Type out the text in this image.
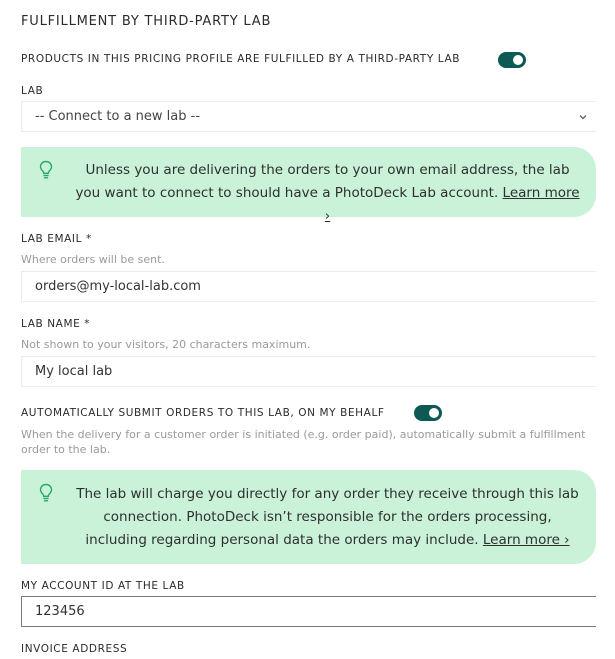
FULFILLMENT BY THIRD-PARTY LAB
PRODUCTS IN THIS PRICING PROFILE ARE FULFILLED BY A THIRD-PARTY LAB
LAB
-- Connect to a new lab --
Unless you are delivering the orders to your own email address, the lab you want to connect to should have a PhotoDeck Lab account. Learn more ›
LAB EMAIL *
Where orders will be sent.
orders@my-local-lab.com
LAB NAME *
Not shown to your visitors, 20 characters maximum.
My local lab
AUTOMATICALLY SUBMIT ORDERS TO THIS LAB, ON MY BEHALF
When the delivery for a customer order is initiated (e.g. order paid), automatically submit a fulfillment order to the lab.
The lab will charge you directly for any order they receive through this lab connection. PhotoDeck isn’t responsible for the orders processing, including regarding personal data the orders may include. Learn more ›
MY ACCOUNT ID AT THE LAB
123456
INVOICE ADDRESS
